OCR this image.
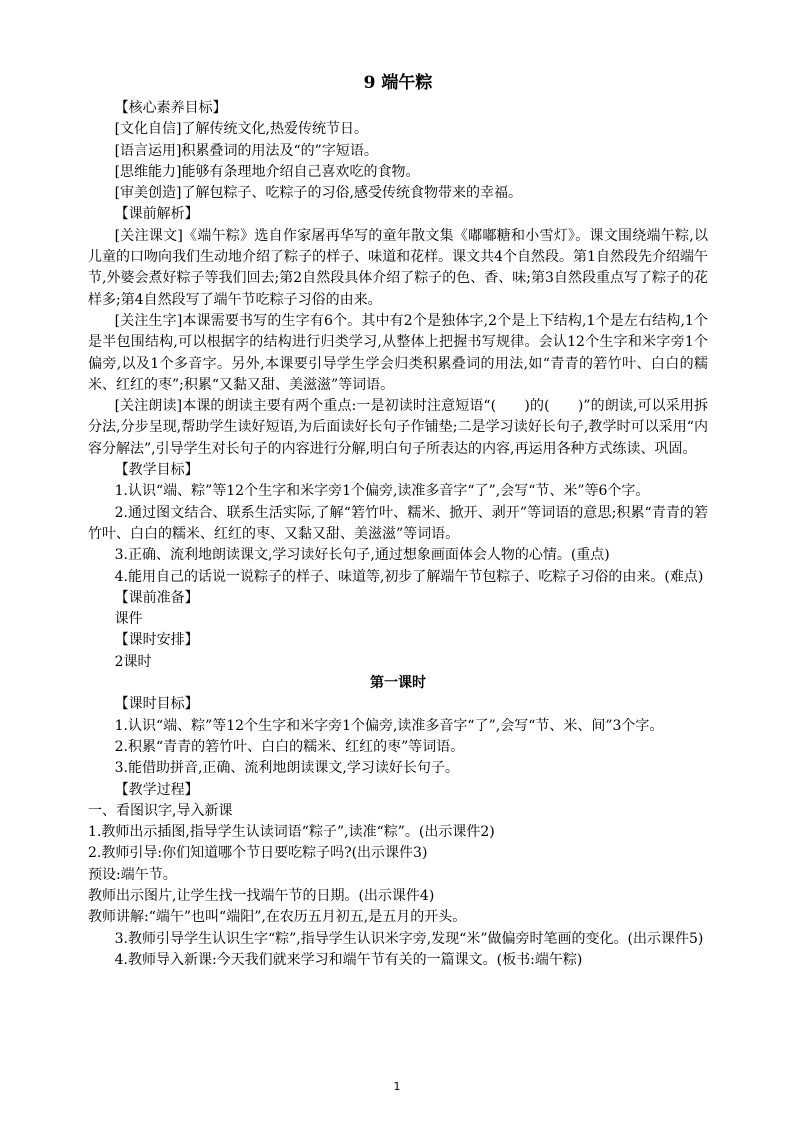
9 端午粽

【核心素养目标】

[文化自信]了解传统文化,热爱传统节日。

[语言运用]积累叠词的用法及“的”字短语。

[思维能力]能够有条理地介绍自己喜欢吃的食物。

[审美创造]了解包粽子、吃粽子的习俗,感受传统食物带来的幸福。

【课前解析】

[关注课文]《端午粽》选自作家屠再华写的童年散文集《嘟嘟糖和小雪灯》。课文围绕端午粽,以儿童的口吻向我们生动地介绍了粽子的样子、味道和花样。课文共4个自然段。第1自然段先介绍端午节,外婆会煮好粽子等我们回去;第2自然段具体介绍了粽子的色、香、味;第3自然段重点写了粽子的花样多;第4自然段写了端午节吃粽子习俗的由来。

[关注生字]本课需要书写的生字有6个。其中有2个是独体字,2个是上下结构,1个是左右结构,1个是半包围结构,可以根据字的结构进行归类学习,从整体上把握书写规律。会认12个生字和米字旁1个偏旁,以及1个多音字。另外,本课要引导学生学会归类积累叠词的用法,如“青青的箬竹叶、白白的糯米、红红的枣”;积累“又黏又甜、美滋滋”等词语。

[关注朗读]本课的朗读主要有两个重点:一是初读时注意短语“(　　)的(　　)”的朗读,可以采用拆分法,分步呈现,帮助学生读好短语,为后面读好长句子作铺垫;二是学习读好长句子,教学时可以采用“内容分解法”,引导学生对长句子的内容进行分解,明白句子所表达的内容,再运用各种方式练读、巩固。

【教学目标】

1.认识“端、粽”等12个生字和米字旁1个偏旁,读准多音字“了”,会写“节、米”等6个字。

2.通过图文结合、联系生活实际,了解“箬竹叶、糯米、掀开、剥开”等词语的意思;积累“青青的箬竹叶、白白的糯米、红红的枣、又黏又甜、美滋滋”等词语。

3.正确、流利地朗读课文,学习读好长句子,通过想象画面体会人物的心情。(重点)

4.能用自己的话说一说粽子的样子、味道等,初步了解端午节包粽子、吃粽子习俗的由来。(难点)

【课前准备】

课件

【课时安排】

2课时

第一课时

【课时目标】

1.认识“端、粽”等12个生字和米字旁1个偏旁,读准多音字“了”,会写“节、米、间”3个字。

2.积累“青青的箬竹叶、白白的糯米、红红的枣”等词语。

3.能借助拼音,正确、流利地朗读课文,学习读好长句子。

【教学过程】

一、看图识字,导入新课

1.教师出示插图,指导学生认读词语“粽子”,读准“粽”。(出示课件2)

2.教师引导:你们知道哪个节日要吃粽子吗?(出示课件3)

预设:端午节。

教师出示图片,让学生找一找端午节的日期。(出示课件4)

教师讲解:“端午”也叫“端阳”,在农历五月初五,是五月的开头。

3.教师引导学生认识生字“粽”,指导学生认识米字旁,发现“米”做偏旁时笔画的变化。(出示课件5)

4.教师导入新课:今天我们就来学习和端午节有关的一篇课文。(板书:端午粽)

1
